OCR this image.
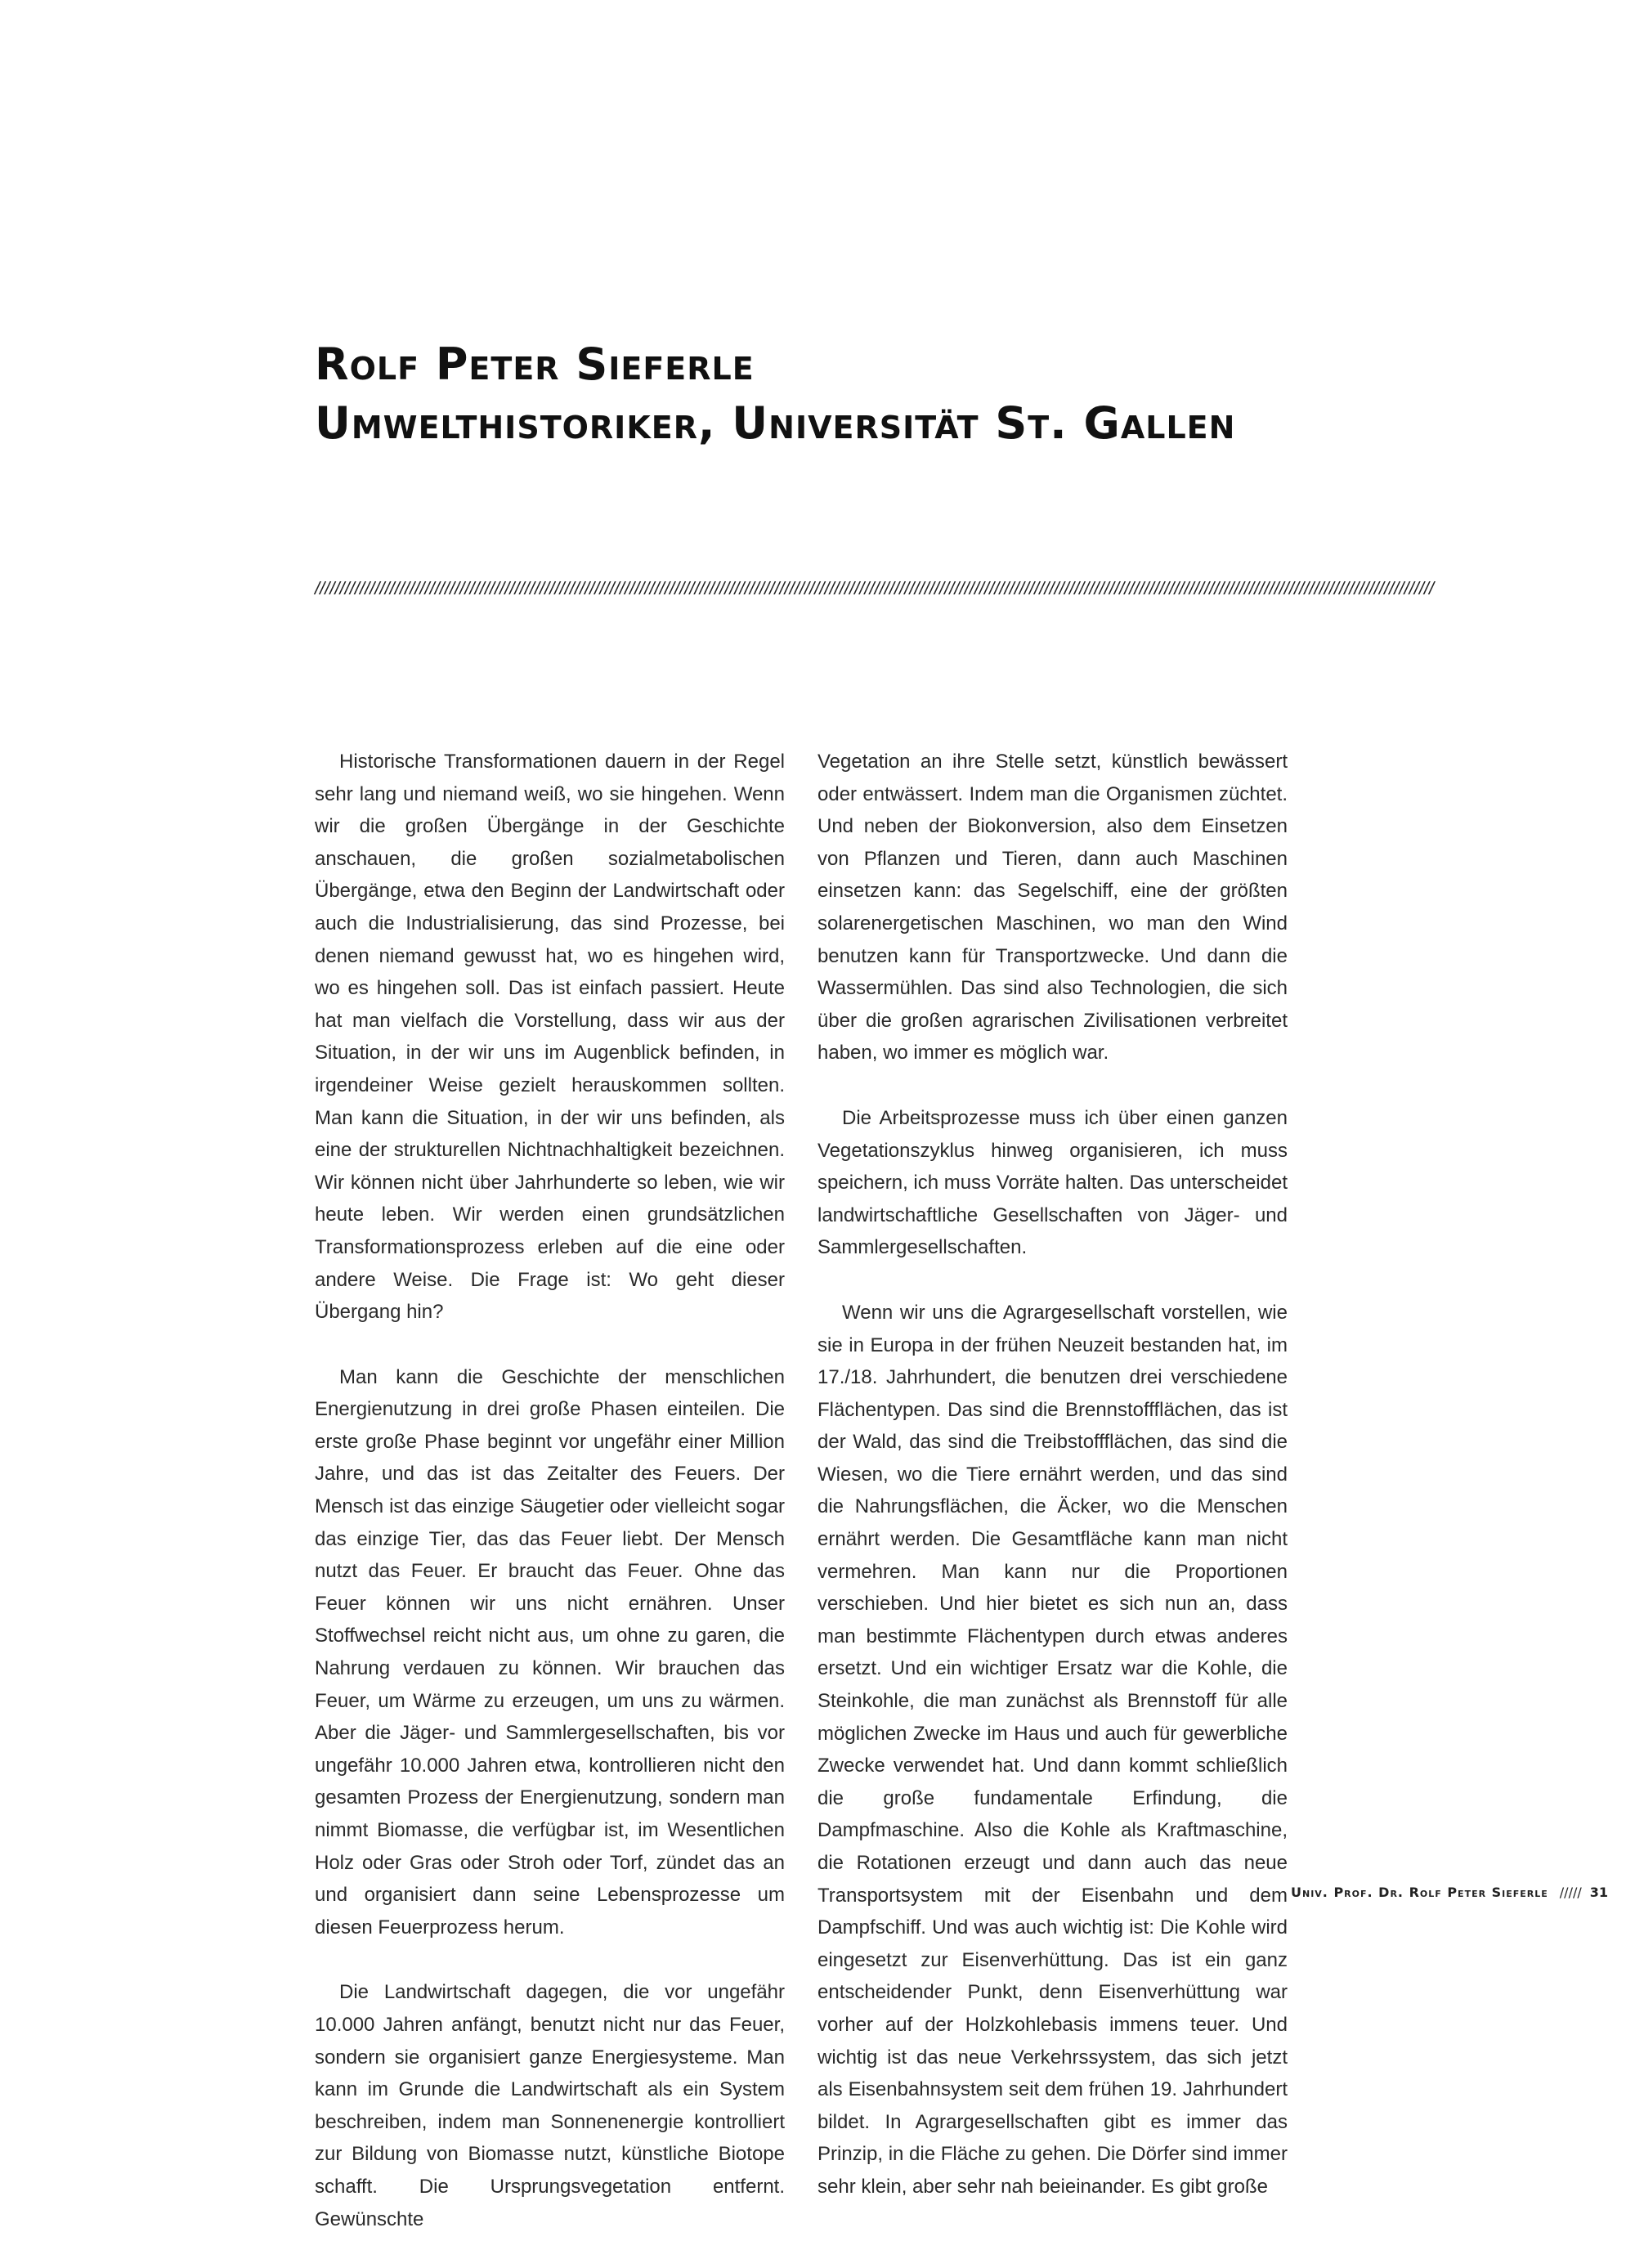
Rolf Peter Sieferle
Umwelthistoriker, Universität St. Gallen
////////////////////////////////////////////////////////////////////////////////////////////////////////////////////////////////////////////////////////////////////////////////////////////////////////////////////////////////

Historische Transformationen dauern in der Regel sehr lang und niemand weiß, wo sie hingehen. Wenn wir die großen Übergänge in der Geschichte anschauen, die großen sozialmetabolischen Übergänge, etwa den Beginn der Landwirtschaft oder auch die Industrialisierung, das sind Prozesse, bei denen niemand gewusst hat, wo es hingehen wird, wo es hingehen soll. Das ist einfach passiert. Heute hat man vielfach die Vorstellung, dass wir aus der Situation, in der wir uns im Augenblick befinden, in irgendeiner Weise gezielt herauskommen sollten. Man kann die Situation, in der wir uns befinden, als eine der strukturellen Nichtnachhaltigkeit bezeichnen. Wir können nicht über Jahrhunderte so leben, wie wir heute leben. Wir werden einen grundsätzlichen Transformationsprozess erleben auf die eine oder andere Weise. Die Frage ist: Wo geht dieser Übergang hin?

Man kann die Geschichte der menschlichen Energienutzung in drei große Phasen einteilen. Die erste große Phase beginnt vor ungefähr einer Million Jahre, und das ist das Zeitalter des Feuers. Der Mensch ist das einzige Säugetier oder vielleicht sogar das einzige Tier, das das Feuer liebt. Der Mensch nutzt das Feuer. Er braucht das Feuer. Ohne das Feuer können wir uns nicht ernähren. Unser Stoffwechsel reicht nicht aus, um ohne zu garen, die Nahrung verdauen zu können. Wir brauchen das Feuer, um Wärme zu erzeugen, um uns zu wärmen. Aber die Jäger- und Sammlergesellschaften, bis vor ungefähr 10.000 Jahren etwa, kontrollieren nicht den gesamten Prozess der Energienutzung, sondern man nimmt Biomasse, die verfügbar ist, im Wesentlichen Holz oder Gras oder Stroh oder Torf, zündet das an und organisiert dann seine Lebensprozesse um diesen Feuerprozess herum.

Die Landwirtschaft dagegen, die vor ungefähr 10.000 Jahren anfängt, benutzt nicht nur das Feuer, sondern sie organisiert ganze Energiesysteme. Man kann im Grunde die Landwirtschaft als ein System beschreiben, indem man Sonnenenergie kontrolliert zur Bildung von Biomasse nutzt, künstliche Biotope schafft. Die Ursprungsvegetation entfernt. Gewünschte

Vegetation an ihre Stelle setzt, künstlich bewässert oder entwässert. Indem man die Organismen züchtet. Und neben der Biokonversion, also dem Einsetzen von Pflanzen und Tieren, dann auch Maschinen einsetzen kann: das Segelschiff, eine der größten solarenergetischen Maschinen, wo man den Wind benutzen kann für Transportzwecke. Und dann die Wassermühlen. Das sind also Technologien, die sich über die großen agrarischen Zivilisationen verbreitet haben, wo immer es möglich war.

Die Arbeitsprozesse muss ich über einen ganzen Vegetationszyklus hinweg organisieren, ich muss speichern, ich muss Vorräte halten. Das unterscheidet landwirtschaftliche Gesellschaften von Jäger- und Sammlergesellschaften.

Wenn wir uns die Agrargesellschaft vorstellen, wie sie in Europa in der frühen Neuzeit bestanden hat, im 17./18. Jahrhundert, die benutzen drei verschiedene Flächentypen. Das sind die Brennstoffflächen, das ist der Wald, das sind die Treibstoffflächen, das sind die Wiesen, wo die Tiere ernährt werden, und das sind die Nahrungsflächen, die Äcker, wo die Menschen ernährt werden. Die Gesamtfläche kann man nicht vermehren. Man kann nur die Proportionen verschieben. Und hier bietet es sich nun an, dass man bestimmte Flächentypen durch etwas anderes ersetzt. Und ein wichtiger Ersatz war die Kohle, die Steinkohle, die man zunächst als Brennstoff für alle möglichen Zwecke im Haus und auch für gewerbliche Zwecke verwendet hat. Und dann kommt schließlich die große fundamentale Erfindung, die Dampfmaschine. Also die Kohle als Kraftmaschine, die Rotationen erzeugt und dann auch das neue Transportsystem mit der Eisenbahn und dem Dampfschiff. Und was auch wichtig ist: Die Kohle wird eingesetzt zur Eisenverhüttung. Das ist ein ganz entscheidender Punkt, denn Eisenverhüttung war vorher auf der Holzkohlebasis immens teuer. Und wichtig ist das neue Verkehrssystem, das sich jetzt als Eisenbahnsystem seit dem frühen 19. Jahrhundert bildet. In Agrargesellschaften gibt es immer das Prinzip, in die Fläche zu gehen. Die Dörfer sind immer sehr klein, aber sehr nah beieinander. Es gibt große

Univ. Prof. Dr. Rolf Peter Sieferle ///// 31
